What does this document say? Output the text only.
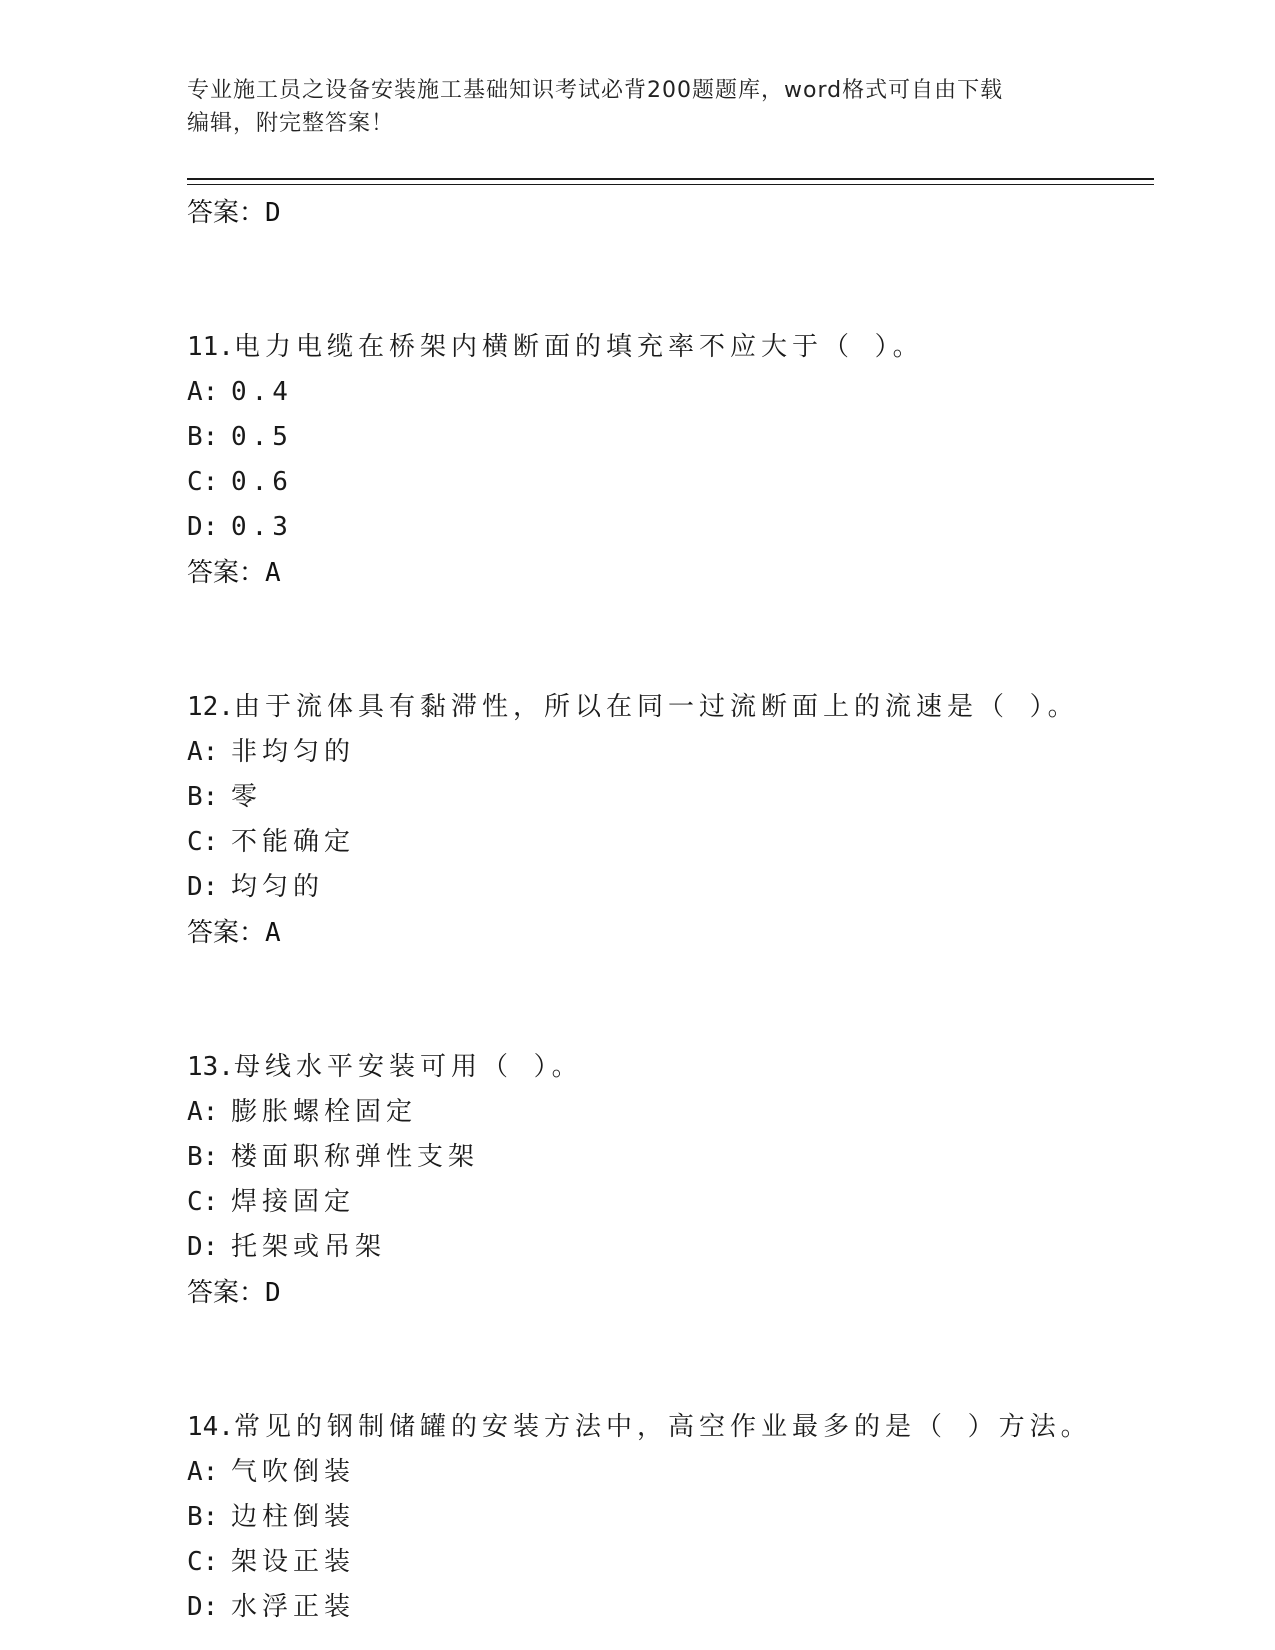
专业施工员之设备安装施工基础知识考试必背200题题库，word格式可自由下载
编辑，附完整答案！
答案：D
11.电力电缆在桥架内横断面的填充率不应大于（ ）。
A: 0.4
B: 0.5
C: 0.6
D: 0.3
答案：A
12.由于流体具有黏滞性，所以在同一过流断面上的流速是（ ）。
A: 非均匀的
B: 零
C: 不能确定
D: 均匀的
答案：A
13.母线水平安装可用（ ）。
A: 膨胀螺栓固定
B: 楼面职称弹性支架
C: 焊接固定
D: 托架或吊架
答案：D
14.常见的钢制储罐的安装方法中，高空作业最多的是（ ）方法。
A: 气吹倒装
B: 边柱倒装
C: 架设正装
D: 水浮正装
